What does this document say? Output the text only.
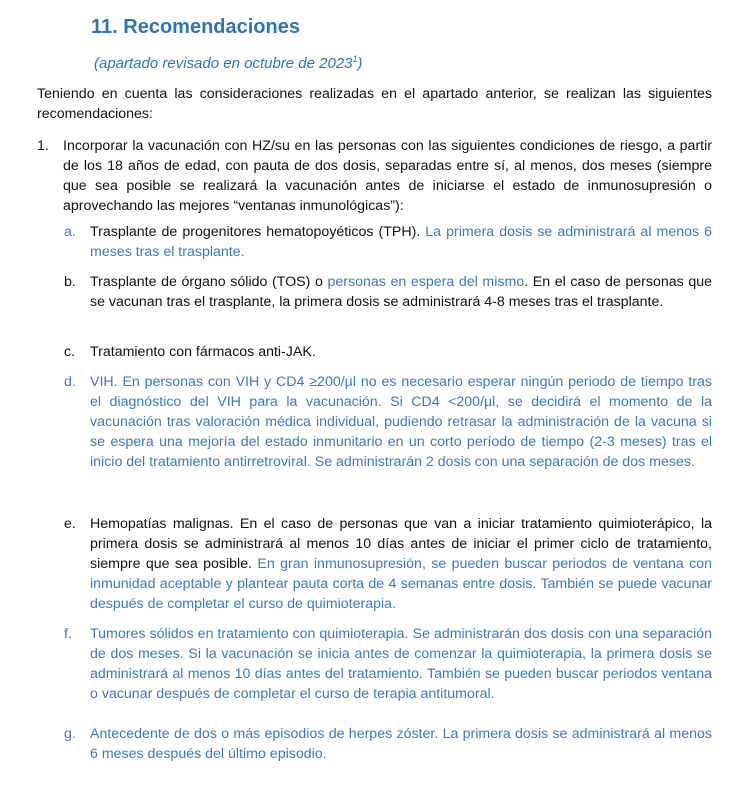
11. Recomendaciones

(apartado revisado en octubre de 2023$^1$)

Teniendo en cuenta las consideraciones realizadas en el apartado anterior, se realizan las siguientes recomendaciones:

1. Incorporar la vacunación con HZ/su en las personas con las siguientes condiciones de riesgo, a partir de los 18 años de edad, con pauta de dos dosis, separadas entre sí, al menos, dos meses (siempre que sea posible se realizará la vacunación antes de iniciarse el estado de inmunosupresión o aprovechando las mejores “ventanas inmunológicas”):
a. Trasplante de progenitores hematopoyéticos (TPH). La primera dosis se administrará al menos 6 meses tras el trasplante.
b. Trasplante de órgano sólido (TOS) o personas en espera del mismo. En el caso de personas que se vacunan tras el trasplante, la primera dosis se administrará 4-8 meses tras el trasplante.
c. Tratamiento con fármacos anti-JAK.
d. VIH. En personas con VIH y CD4 ≥200/µl no es necesario esperar ningún periodo de tiempo tras el diagnóstico del VIH para la vacunación. Si CD4 <200/µl, se decidirá el momento de la vacunación tras valoración médica individual, pudiendo retrasar la administración de la vacuna si se espera una mejoría del estado inmunitario en un corto período de tiempo (2-3 meses) tras el inicio del tratamiento antirretroviral. Se administrarán 2 dosis con una separación de dos meses.
e. Hemopatías malignas. En el caso de personas que van a iniciar tratamiento quimioterápico, la primera dosis se administrará al menos 10 días antes de iniciar el primer ciclo de tratamiento, siempre que sea posible. En gran inmunosupresión, se pueden buscar periodos de ventana con inmunidad aceptable y plantear pauta corta de 4 semanas entre dosis. También se puede vacunar después de completar el curso de quimioterapia.
f. Tumores sólidos en tratamiento con quimioterapia. Se administrarán dos dosis con una separación de dos meses. Si la vacunación se inicia antes de comenzar la quimioterapia, la primera dosis se administrará al menos 10 días antes del tratamiento. También se pueden buscar periodos ventana o vacunar después de completar el curso de terapia antitumoral.
g. Antecedente de dos o más episodios de herpes zóster. La primera dosis se administrará al menos 6 meses después del último episodio.
